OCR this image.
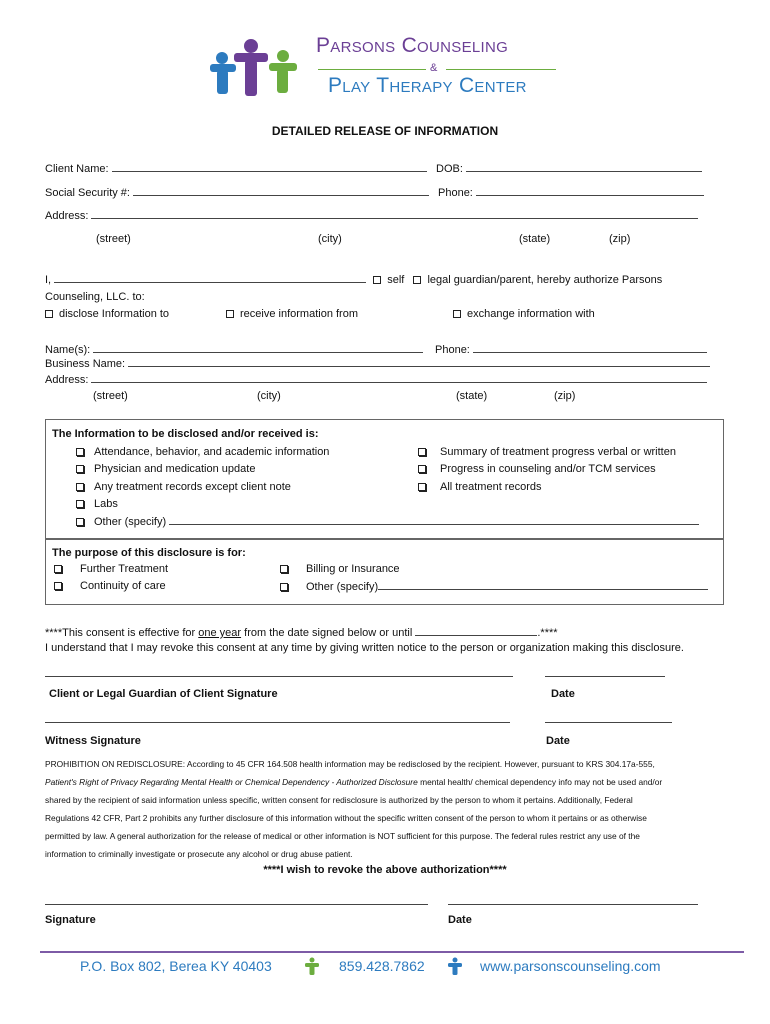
Parsons Counseling
&
Play Therapy Center
DETAILED RELEASE OF INFORMATION
Client Name:	DOB:
Social Security #:	Phone:
Address:
(street)	(city)	(state)	(zip)
I,	self legal guardian/parent, hereby authorize Parsons
Counseling, LLC. to:
disclose Information to	receive information from	exchange information with
Name(s):	Phone:
Business Name:
Address:
(street)	(city)	(state)	(zip)
The Information to be disclosed and/or received is:
Attendance, behavior, and academic information
Physician and medication update
Any treatment records except client note
Labs
Other (specify)
Summary of treatment progress verbal or written
Progress in counseling and/or TCM services
All treatment records
The purpose of this disclosure is for:
Further Treatment
Continuity of care
Billing or Insurance
Other (specify)
****This consent is effective for one year from the date signed below or until	.****
I understand that I may revoke this consent at any time by giving written notice to the person or organization making this disclosure.
Client or Legal Guardian of Client Signature	Date
Witness Signature	Date
PROHIBITION ON REDISCLOSURE: According to 45 CFR 164.508 health information may be redisclosed by the recipient. However, pursuant to KRS 304.17a-555,
Patient's Right of Privacy Regarding Mental Health or Chemical Dependency - Authorized Disclosure mental health/ chemical dependency info may not be used and/or
shared by the recipient of said information unless specific, written consent for redisclosure is authorized by the person to whom it pertains. Additionally, Federal
Regulations 42 CFR, Part 2 prohibits any further disclosure of this information without the specific written consent of the person to whom it pertains or as otherwise
permitted by law. A general authorization for the release of medical or other information is NOT sufficient for this purpose. The federal rules restrict any use of the
information to criminally investigate or prosecute any alcohol or drug abuse patient.
****I wish to revoke the above authorization****
Signature	Date
P.O. Box 802, Berea KY 40403	859.428.7862	www.parsonscounseling.com
